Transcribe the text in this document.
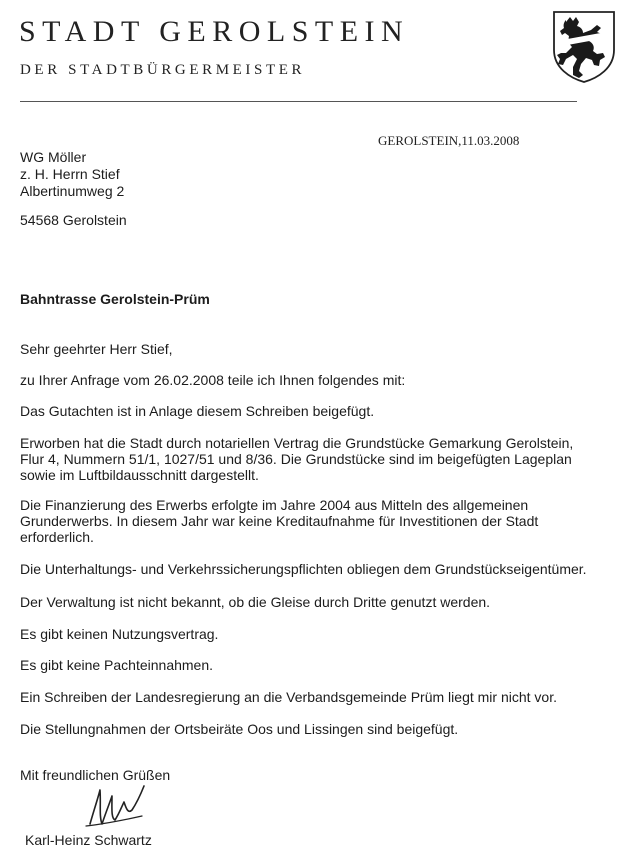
STADT GEROLSTEIN
DER STADTBÜRGERMEISTER
GEROLSTEIN,11.03.2008
WG Möller
z. H. Herrn Stief
Albertinumweg 2
54568 Gerolstein
Bahntrasse Gerolstein-Prüm
Sehr geehrter Herr Stief,
zu Ihrer Anfrage vom 26.02.2008 teile ich Ihnen folgendes mit:
Das Gutachten ist in Anlage diesem Schreiben beigefügt.
Erworben hat die Stadt durch notariellen Vertrag die Grundstücke Gemarkung Gerolstein,
Flur 4, Nummern 51/1, 1027/51 und 8/36. Die Grundstücke sind im beigefügten Lageplan
sowie im Luftbildausschnitt dargestellt.
Die Finanzierung des Erwerbs erfolgte im Jahre 2004 aus Mitteln des allgemeinen
Grunderwerbs. In diesem Jahr war keine Kreditaufnahme für Investitionen der Stadt
erforderlich.
Die Unterhaltungs- und Verkehrssicherungspflichten obliegen dem Grundstückseigentümer.
Der Verwaltung ist nicht bekannt, ob die Gleise durch Dritte genutzt werden.
Es gibt keinen Nutzungsvertrag.
Es gibt keine Pachteinnahmen.
Ein Schreiben der Landesregierung an die Verbandsgemeinde Prüm liegt mir nicht vor.
Die Stellungnahmen der Ortsbeiräte Oos und Lissingen sind beigefügt.
Mit freundlichen Grüßen
Karl-Heinz Schwartz
